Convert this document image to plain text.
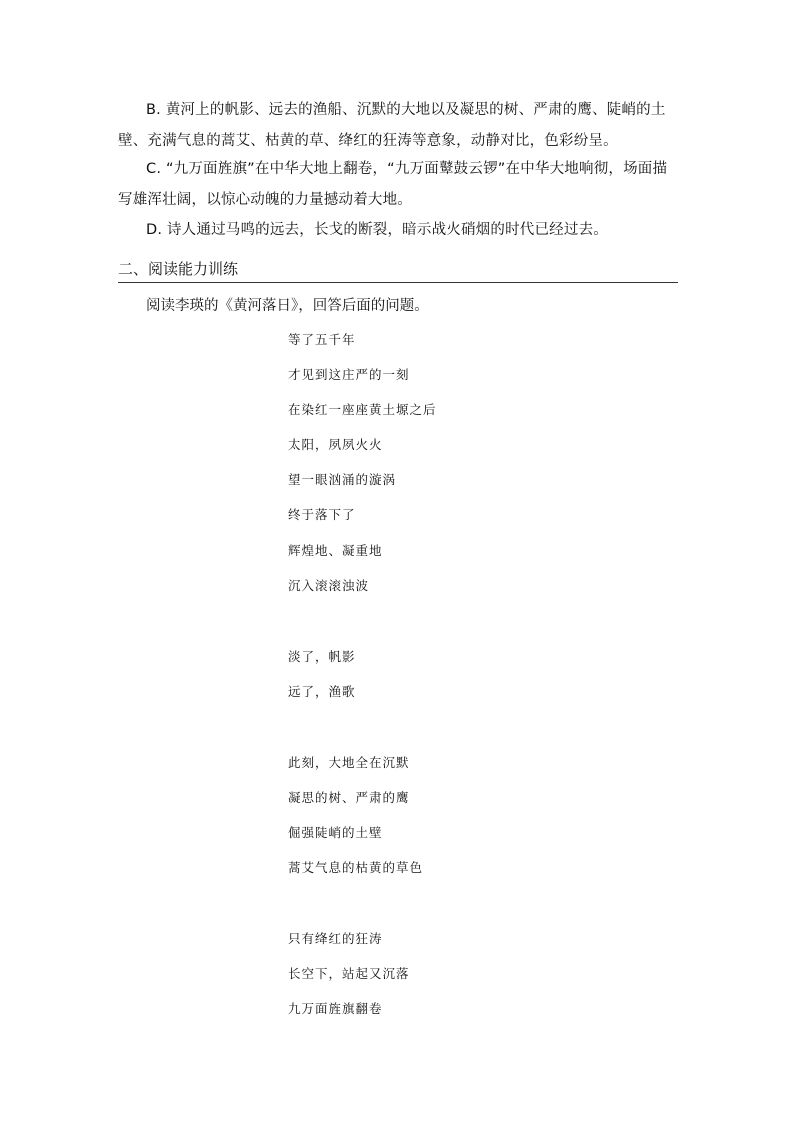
B. 黄河上的帆影、远去的渔船、沉默的大地以及凝思的树、严肃的鹰、陡峭的土壁、充满气息的蒿艾、枯黄的草、绛红的狂涛等意象，动静对比，色彩纷呈。
C. “九万面旌旗”在中华大地上翻卷，“九万面鼙鼓云锣”在中华大地响彻，场面描写雄浑壮阔，以惊心动魄的力量撼动着大地。
D. 诗人通过马鸣的远去，长戈的断裂，暗示战火硝烟的时代已经过去。
二、阅读能力训练
阅读李瑛的《黄河落日》，回答后面的问题。
等了五千年
才见到这庄严的一刻
在染红一座座黄土塬之后
太阳，夙夙火火
望一眼汹涌的漩涡
终于落下了
辉煌地、凝重地
沉入滚滚浊波
淡了，帆影
远了，渔歌
此刻，大地全在沉默
凝思的树、严肃的鹰
倔强陡峭的土壁
蒿艾气息的枯黄的草色
只有绛红的狂涛
长空下，站起又沉落
九万面旌旗翻卷
